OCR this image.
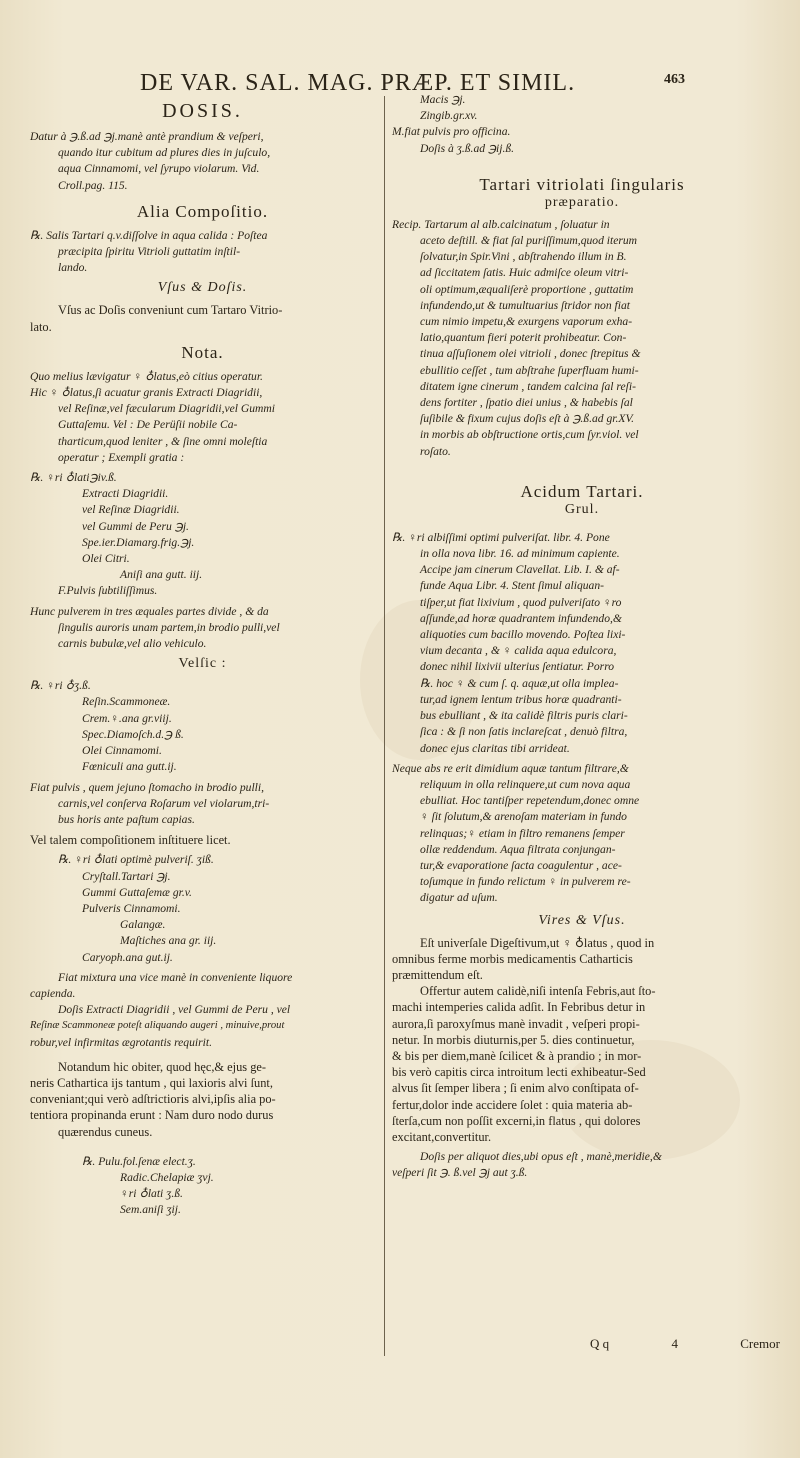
DE VAR. SAL. MAG. PRÆP. ET SIMIL.	463
DOSIS.
Datur à ℈.ß.ad ℈j.manè antè prandium & veſperi,
quando itur cubitum ad plures dies in juſculo,
aqua Cinnamomi, vel ſyrupo violarum. Vid.
Croll.pag. 115.
Alia Compoſitio.
℞. Salis Tartari q.v.diſſolve in aqua calida : Poſtea
præcipita ſpiritu Vitrioli guttatim inſtil-
lando.
Vſus & Doſis.
Vſus ac Doſis conveniunt cum Tartaro Vitrio-
lato.
Nota.
Quo melius lævigatur ♀ ♁latus,eò citius operatur.
Hic ♀ ♁latus,ſi acuatur granis Extracti Diagridii,
vel Reſinæ,vel fæcularum Diagridii,vel Gummi
Guttaſemu. Vel : De Perüſii nobile Ca-
tharticum,quod leniter , & ſine omni moleſtia
operatur ; Exempli gratia :
℞. ♀ri ♁lati℈iv.ß.
Extracti Diagridii.
vel Reſinæ Diagridii.
vel Gummi de Peru ℈j.
Spe.ier.Diamarg.frig.℈j.
Olei Citri.
Aniſi ana gutt. iij.
F.Pulvis ſubtiliſſimus.
Hunc pulverem in tres æquales partes divide , & da
ſingulis auroris unam partem,in brodio pulli,vel
carnis bubulæ,vel alio vehiculo.
Velſic :
℞. ♀ri ♁ʒ.ß.
Reſin.Scammoneæ.
Crem.♀.ana gr.viij.
Spec.Diamoſch.d.℈ ß.
Olei Cinnamomi.
Fœniculi ana gutt.ij.
Fiat pulvis , quem jejuno ſtomacho in brodio pulli,
carnis,vel conſerva Roſarum vel violarum,tri-
bus horis ante paſtum capias.
Vel talem compoſitionem inſtituere licet.
℞. ♀ri ♁lati optimè pulveriſ. ʒiß.
Cryſtall.Tartari ℈j.
Gummi Guttaſemæ gr.v.
Pulveris Cinnamomi.
Galangæ.
Maſtiches ana gr. iij.
Caryoph.ana gut.ij.
Fiat mixtura una vice manè in conveniente liquore
capienda.
Doſis Extracti Diagridii , vel Gummi de Peru , vel
Reſinæ Scammoneæ poteſt aliquando augeri , minuive,prout
robur,vel infirmitas ægrotantis requirit.
Notandum hic obiter, quod hęc,& ejus ge-
neris Cathartica ijs tantum , qui laxioris alvi ſunt,
conveniant;qui verò adſtrictioris alvi,ipſis alia po-
tentiora propinanda erunt : Nam duro nodo durus
quærendus cuneus.
℞. Pulu.fol.ſenæ elect.ʒ.
Radic.Chelapiæ ʒvj.
♀ri ♁lati ʒ.ß.
Sem.aniſi ʒij.
Macis ℈j.
Zingib.gr.xv.
M.fiat pulvis pro officina.
Doſis à ʒ.ß.ad ℈ij.ß.
Tartari vitriolati ſingularis
præparatio.
Recip. Tartarum al alb.calcinatum , ſoluatur in
aceto deſtill. & fiat ſal puriſſimum,quod iterum
ſolvatur,in Spir.Vini , abſtrahendo illum in B.
ad ſiccitatem ſatis. Huic admiſce oleum vitri-
oli optimum,æqualiſerè proportione , guttatim
infundendo,ut & tumultuarius ſtridor non fiat
cum nimio impetu,& exurgens vaporum exha-
latio,quantum fieri poterit prohibeatur. Con-
tinua aſſuſionem olei vitrioli , donec ſtrepitus &
ebullitio ceſſet , tum abſtrahe ſuperfluam humi-
ditatem igne cinerum , tandem calcina ſal reſi-
dens fortiter , ſpatio diei unius , & habebis ſal
ſuſibile & fixum cujus doſis eſt à ℈.ß.ad gr.XV.
in morbis ab obſtructione ortis,cum ſyr.viol. vel
roſato.
Acidum Tartari.
Grul.
℞. ♀ri albiſſimi optimi pulveriſat. libr. 4. Pone
in olla nova libr. 16. ad minimum capiente.
Accipe jam cinerum Clavellat. Lib. I. & af-
funde Aqua Libr. 4. Stent ſimul aliquan-
tiſper,ut fiat lixivium , quod pulveriſato ♀ro
aſſunde,ad horæ quadrantem infundendo,&
aliquoties cum bacillo movendo. Poſtea lixi-
vium decanta , & ♀ calida aqua edulcora,
donec nihil lixivii ulterius ſentiatur. Porro
℞. hoc ♀ & cum ſ. q. aquæ,ut olla implea-
tur,ad ignem lentum tribus horæ quadranti-
bus ebulliant , & ita calidè filtris puris clari-
ſica : & ſi non ſatis inclareſcat , denuò filtra,
donec ejus claritas tibi arrideat.
Neque abs re erit dimidium aquæ tantum filtrare,&
reliquum in olla relinquere,ut cum nova aqua
ebulliat. Hoc tantiſper repetendum,donec omne
♀ ſit ſolutum,& arenoſam materiam in fundo
relinquas;♀ etiam in filtro remanens ſemper
ollæ reddendum. Aqua filtrata conjungan-
tur,& evaporatione ſacta coagulentur , ace-
toſumque in fundo relictum ♀ in pulverem re-
digatur ad uſum.
Vires & Vſus.
Eſt univerſale Digeſtivum,ut ♀ ♁latus , quod in
omnibus ferme morbis medicamentis Catharticis
præmittendum eſt.
Offertur autem calidè,niſi intenſa Febris,aut ſto-
machi intemperies calida adſit. In Febribus detur in
aurora,ſi paroxyſmus manè invadit , veſperi propi-
netur. In morbis diuturnis,per 5. dies continuetur,
& bis per diem,manè ſcilicet & à prandio ; in mor-
bis verò capitis circa introitum lecti exhibeatur-Sed
alvus ſit ſemper libera ; ſi enim alvo conſtipata of-
fertur,dolor inde accidere ſolet : quia materia ab-
ſterſa,cum non poſſit excerni,in flatus , qui dolores
excitant,convertitur.
Doſis per aliquot dies,ubi opus eſt , manè,meridie,&
veſperi ſit ℈. ß.vel ℈j aut ʒ.ß.
Q q	4	Cremor
